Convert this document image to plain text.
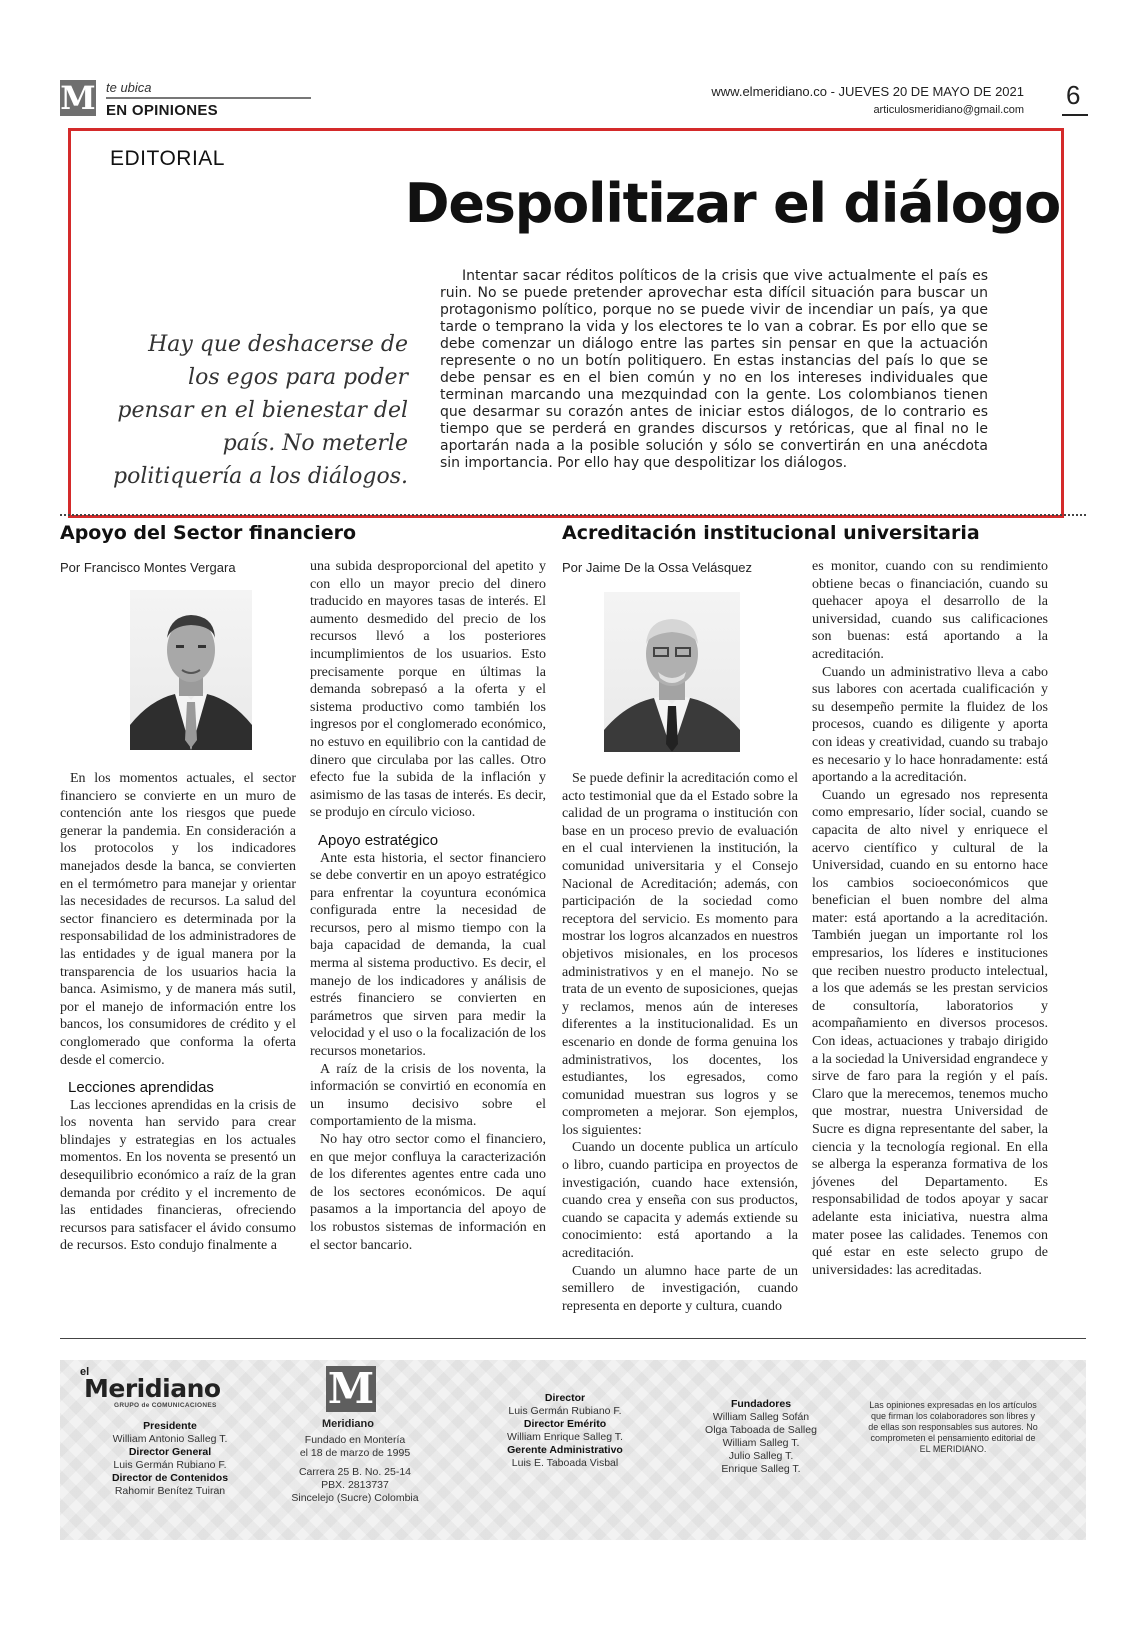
M te ubica
EN OPINIONES
www.elmeridiano.co - JUEVES 20 DE MAYO DE 2021
articulosmeridiano@gmail.com 6
EDITORIAL
Despolitizar el diálogo
Hay que deshacerse de los egos para poder pensar en el bienestar del país. No meterle politiquería a los diálogos.
Intentar sacar réditos políticos de la crisis que vive actualmente el país es ruin. No se puede pretender aprovechar esta difícil situación para buscar un protagonismo político, porque no se puede vivir de incendiar un país, ya que tarde o temprano la vida y los electores te lo van a cobrar. Es por ello que se debe comenzar un diálogo entre las partes sin pensar en que la actuación represente o no un botín politiquero. En estas instancias del país lo que se debe pensar es en el bien común y no en los intereses individuales que terminan marcando una mezquindad con la gente. Los colombianos tienen que desarmar su corazón antes de iniciar estos diálogos, de lo contrario es tiempo que se perderá en grandes discursos y retóricas, que al final no le aportarán nada a la posible solución y sólo se convertirán en una anécdota sin importancia. Por ello hay que despolitizar los diálogos.
Apoyo del Sector financiero
Por Francisco Montes Vergara

En los momentos actuales, el sector financiero se convierte en un muro de contención ante los riesgos que puede generar la pandemia. En consideración a los protocolos y los indicadores manejados desde la banca, se convierten en el termómetro para manejar y orientar las necesidades de recursos. La salud del sector financiero es determinada por la responsabilidad de los administradores de las entidades y de igual manera por la transparencia de los usuarios hacia la banca. Asimismo, y de manera más sutil, por el manejo de información entre los bancos, los consumidores de crédito y el conglomerado que conforma la oferta desde el comercio.

Lecciones aprendidas

Las lecciones aprendidas en la crisis de los noventa han servido para crear blindajes y estrategias en los actuales momentos. En los noventa se presentó un desequilibrio económico a raíz de la gran demanda por crédito y el incremento de las entidades financieras, ofreciendo recursos para satisfacer el ávido consumo de recursos. Esto condujo finalmente a

una subida desproporcional del apetito y con ello un mayor precio del dinero traducido en mayores tasas de interés. El aumento desmedido del precio de los recursos llevó a los posteriores incumplimientos de los usuarios. Esto precisamente porque en últimas la demanda sobrepasó a la oferta y el sistema productivo como también los ingresos por el conglomerado económico, no estuvo en equilibrio con la cantidad de dinero que circulaba por las calles. Otro efecto fue la subida de la inflación y asimismo de las tasas de interés. Es decir, se produjo en círculo vicioso.

Apoyo estratégico

Ante esta historia, el sector financiero se debe convertir en un apoyo estratégico para enfrentar la coyuntura económica configurada entre la necesidad de recursos, pero al mismo tiempo con la baja capacidad de demanda, la cual merma al sistema productivo. Es decir, el manejo de los indicadores y análisis de estrés financiero se convierten en parámetros que sirven para medir la velocidad y el uso o la focalización de los recursos monetarios.

A raíz de la crisis de los noventa, la información se convirtió en economía en un insumo decisivo sobre el comportamiento de la misma.

No hay otro sector como el financiero, en que mejor confluya la caracterización de los diferentes agentes entre cada uno de los sectores económicos. De aquí pasamos a la importancia del apoyo de los robustos sistemas de información en el sector bancario.

Acreditación institucional universitaria
Por Jaime De la Ossa Velásquez

Se puede definir la acreditación como el acto testimonial que da el Estado sobre la calidad de un programa o institución con base en un proceso previo de evaluación en el cual intervienen la institución, la comunidad universitaria y el Consejo Nacional de Acreditación; además, con participación de la sociedad como receptora del servicio. Es momento para mostrar los logros alcanzados en nuestros objetivos misionales, en los procesos administrativos y en el manejo. No se trata de un evento de suposiciones, quejas y reclamos, menos aún de intereses diferentes a la institucionalidad. Es un escenario en donde de forma genuina los administrativos, los docentes, los estudiantes, los egresados, como comunidad muestran sus logros y se comprometen a mejorar. Son ejemplos, los siguientes:

Cuando un docente publica un artículo o libro, cuando participa en proyectos de investigación, cuando hace extensión, cuando crea y enseña con sus productos, cuando se capacita y además extiende su conocimiento: está aportando a la acreditación.

Cuando un alumno hace parte de un semillero de investigación, cuando representa en deporte y cultura, cuando

es monitor, cuando con su rendimiento obtiene becas o financiación, cuando su quehacer apoya el desarrollo de la universidad, cuando sus calificaciones son buenas: está aportando a la acreditación.

Cuando un administrativo lleva a cabo sus labores con acertada cualificación y su desempeño permite la fluidez de los procesos, cuando es diligente y aporta con ideas y creatividad, cuando su trabajo es necesario y lo hace honradamente: está aportando a la acreditación.

Cuando un egresado nos representa como empresario, líder social, cuando se capacita de alto nivel y enriquece el acervo científico y cultural de la Universidad, cuando en su entorno hace los cambios socioeconómicos que benefician el buen nombre del alma mater: está aportando a la acreditación. También juegan un importante rol los empresarios, los líderes e instituciones que reciben nuestro producto intelectual, a los que además se les prestan servicios de consultoría, laboratorios y acompañamiento en diversos procesos. Con ideas, actuaciones y trabajo dirigido a la sociedad la Universidad engrandece y sirve de faro para la región y el país. Claro que la merecemos, tenemos mucho que mostrar, nuestra Universidad de Sucre es digna representante del saber, la ciencia y la tecnología regional. En ella se alberga la esperanza formativa de los jóvenes del Departamento. Es responsabilidad de todos apoyar y sacar adelante esta iniciativa, nuestra alma mater posee las calidades. Tenemos con qué estar en este selecto grupo de universidades: las acreditadas.

el
Meridiano
GRUPO de COMUNICACIONES
Presidente
William Antonio Salleg T.
Director General
Luis Germán Rubiano F.
Director de Contenidos
Rahomir Benítez Tuiran
M
Meridiano
Fundado en Montería
el 18 de marzo de 1995
Carrera 25 B. No. 25-14
PBX. 2813737
Sincelejo (Sucre) Colombia
Director
Luis Germán Rubiano F.
Director Emérito
William Enrique Salleg T.
Gerente Administrativo
Luis E. Taboada Visbal
Fundadores
William Salleg Sofán
Olga Taboada de Salleg
William Salleg T.
Julio Salleg T.
Enrique Salleg T.
Las opiniones expresadas en los artículos que firman los colaboradores son libres y de ellas son responsables sus autores. No comprometen el pensamiento editorial de EL MERIDIANO.
